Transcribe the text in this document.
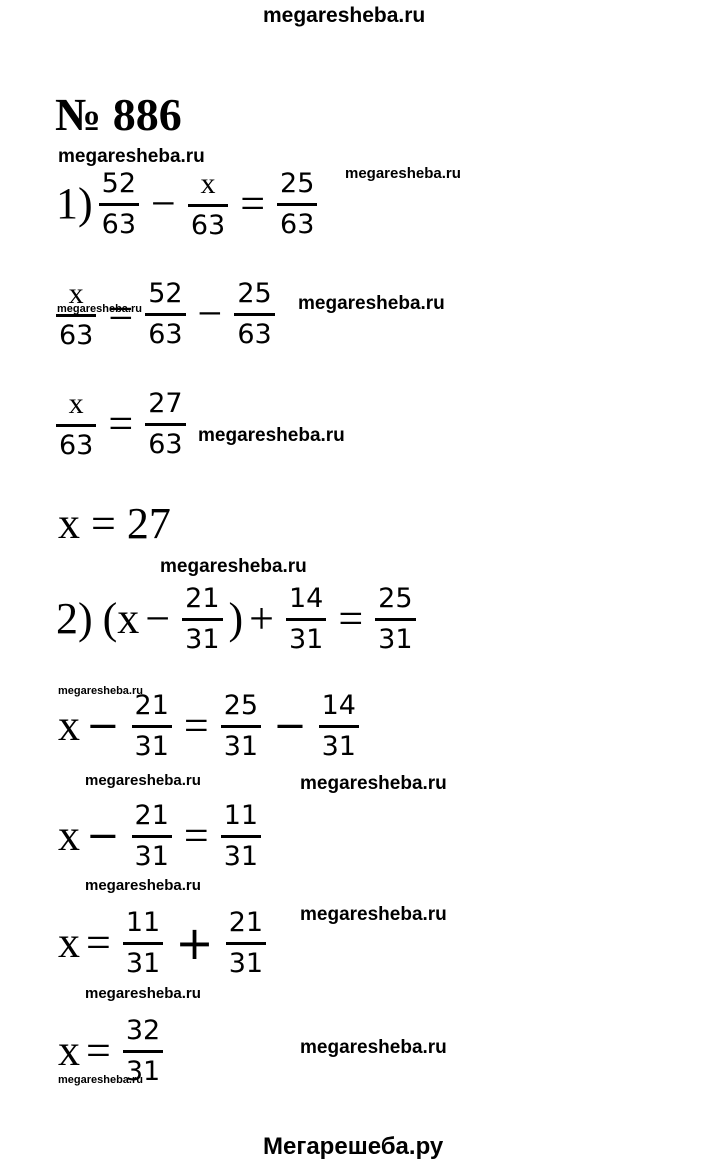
megaresheba.ru
№ 886
megaresheba.ru
megaresheba.ru
megaresheba.ru	megaresheba.ru
megaresheba.ru
megaresheba.ru
megaresheba.ru
megaresheba.ru	megaresheba.ru
megaresheba.ru
megaresheba.ru
megaresheba.ru
megaresheba.ru
megaresheba.ru
$1) \frac{52}{63} - \frac{x}{63} = \frac{25}{63}$
$\frac{x}{63} = \frac{52}{63} - \frac{25}{63}$
$\frac{x}{63} = \frac{27}{63}$
x = 27
2) ($x - \frac{21}{31}$ ) + $\frac{14}{31} = \frac{25}{31}$
$x - \frac{21}{31} = \frac{25}{31} - \frac{14}{31}$
$x - \frac{21}{31} = \frac{11}{31}$
$x = \frac{11}{31} + \frac{21}{31}$
$x = \frac{32}{31}$
Мегарешеба.ру
